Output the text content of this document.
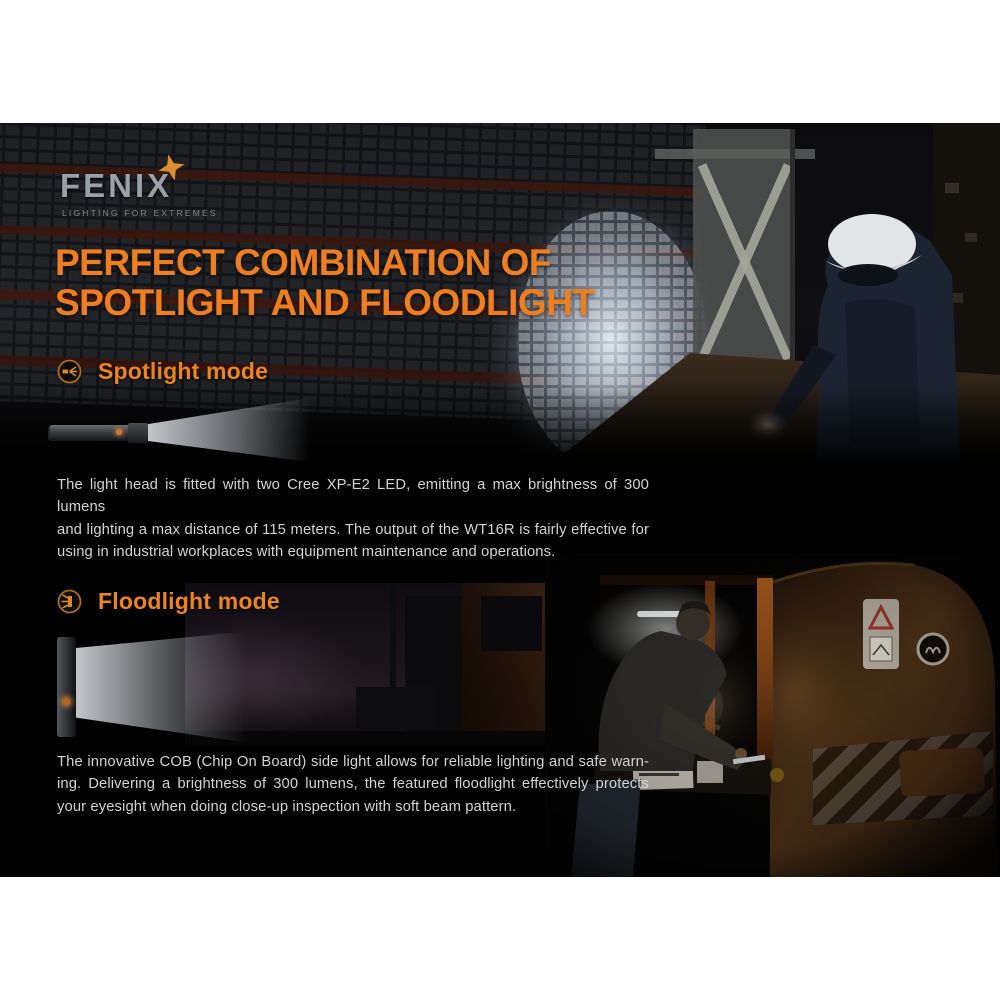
FENIX
LIGHTING FOR EXTREMES
PERFECT COMBINATION OF
SPOTLIGHT AND FLOODLIGHT
Spotlight mode
The light head is fitted with two Cree XP-E2 LED, emitting a max brightness of 300 lumens
and lighting a max distance of 115 meters. The output of the WT16R is fairly effective for
using in industrial workplaces with equipment maintenance and operations.
Floodlight mode
The innovative COB (Chip On Board) side light allows for reliable lighting and safe warn-
ing. Delivering a brightness of 300 lumens, the featured floodlight effectively protects
your eyesight when doing close-up inspection with soft beam pattern.
